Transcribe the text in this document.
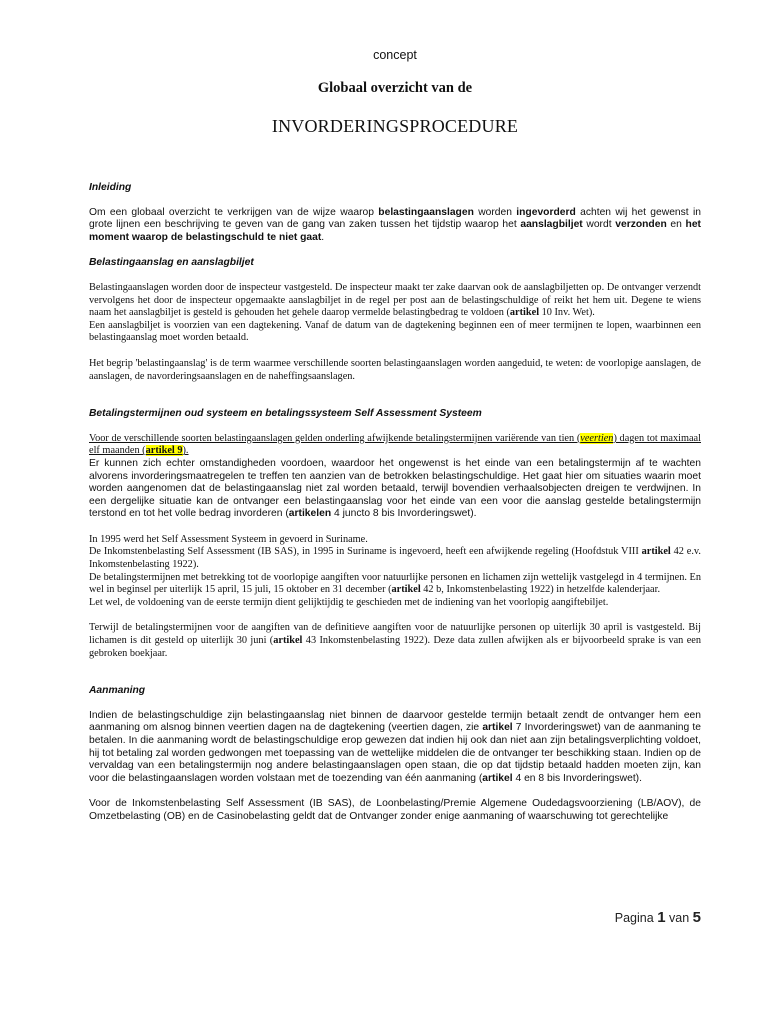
concept
Globaal overzicht van de
INVORDERINGSPROCEDURE

Inleiding

Om een globaal overzicht te verkrijgen van de wijze waarop belastingaanslagen worden ingevorderd achten wij het gewenst in grote lijnen een beschrijving te geven van de gang van zaken tussen het tijdstip waarop het aanslagbiljet wordt verzonden en het moment waarop de belastingschuld te niet gaat.

Belastingaanslag en aanslagbiljet

Belastingaanslagen worden door de inspecteur vastgesteld. De inspecteur maakt ter zake daarvan ook de aanslagbiljetten op. De ontvanger verzendt vervolgens het door de inspecteur opgemaakte aanslagbiljet in de regel per post aan de belastingschuldige of reikt het hem uit. Degene te wiens naam het aanslagbiljet is gesteld is gehouden het gehele daarop vermelde belastingbedrag te voldoen (artikel 10 Inv. Wet).

Een aanslagbiljet is voorzien van een dagtekening. Vanaf de datum van de dagtekening beginnen een of meer termijnen te lopen, waarbinnen een belastingaanslag moet worden betaald.

Het begrip 'belastingaanslag' is de term waarmee verschillende soorten belastingaanslagen worden aangeduid, te weten: de voorlopige aanslagen, de aanslagen, de navorderingsaanslagen en de naheffingsaanslagen.

Betalingstermijnen oud systeem en betalingssysteem Self Assessment Systeem

Voor de verschillende soorten belastingaanslagen gelden onderling afwijkende betalingstermijnen variërende van tien (veertien) dagen tot maximaal elf maanden (artikel 9).

Er kunnen zich echter omstandigheden voordoen, waardoor het ongewenst is het einde van een betalingstermijn af te wachten alvorens invorderingsmaatregelen te treffen ten aanzien van de betrokken belastingschuldige. Het gaat hier om situaties waarin moet worden aangenomen dat de belastingaanslag niet zal worden betaald, terwijl bovendien verhaalsobjecten dreigen te verdwijnen. In een dergelijke situatie kan de ontvanger een belastingaanslag voor het einde van een voor die aanslag gestelde betalingstermijn terstond en tot het volle bedrag invorderen (artikelen 4 juncto 8 bis Invorderingswet).

In 1995 werd het Self Assessment Systeem in gevoerd in Suriname.

De Inkomstenbelasting Self Assessment (IB SAS), in 1995 in Suriname is ingevoerd, heeft een afwijkende regeling (Hoofdstuk VIII artikel 42 e.v. Inkomstenbelasting 1922).

De betalingstermijnen met betrekking tot de voorlopige aangiften voor natuurlijke personen en lichamen zijn wettelijk vastgelegd in 4 termijnen. En wel in beginsel per uiterlijk 15 april, 15 juli, 15 oktober en 31 december (artikel 42 b, Inkomstenbelasting 1922) in hetzelfde kalenderjaar.

Let wel, de voldoening van de eerste termijn dient gelijktijdig te geschieden met de indiening van het voorlopig aangiftebiljet.

Terwijl de betalingstermijnen voor de aangiften van de definitieve aangiften voor de natuurlijke personen op uiterlijk 30 april is vastgesteld. Bij lichamen is dit gesteld op uiterlijk 30 juni (artikel 43 Inkomstenbelasting 1922). Deze data zullen afwijken als er bijvoorbeeld sprake is van een gebroken boekjaar.

Aanmaning

Indien de belastingschuldige zijn belastingaanslag niet binnen de daarvoor gestelde termijn betaalt zendt de ontvanger hem een aanmaning om alsnog binnen veertien dagen na de dagtekening (veertien dagen, zie artikel 7 Invorderingswet) van de aanmaning te betalen. In die aanmaning wordt de belastingschuldige erop gewezen dat indien hij ook dan niet aan zijn betalingsverplichting voldoet, hij tot betaling zal worden gedwongen met toepassing van de wettelijke middelen die de ontvanger ter beschikking staan. Indien op de vervaldag van een betalingstermijn nog andere belastingaanslagen open staan, die op dat tijdstip betaald hadden moeten zijn, kan voor die belastingaanslagen worden volstaan met de toezending van één aanmaning (artikel 4 en 8 bis Invorderingswet).

Voor de Inkomstenbelasting Self Assessment (IB SAS), de Loonbelasting/Premie Algemene Oudedagsvoorziening (LB/AOV), de Omzetbelasting (OB) en de Casinobelasting geldt dat de Ontvanger zonder enige aanmaning of waarschuwing tot gerechtelijke

Pagina 1 van 5
